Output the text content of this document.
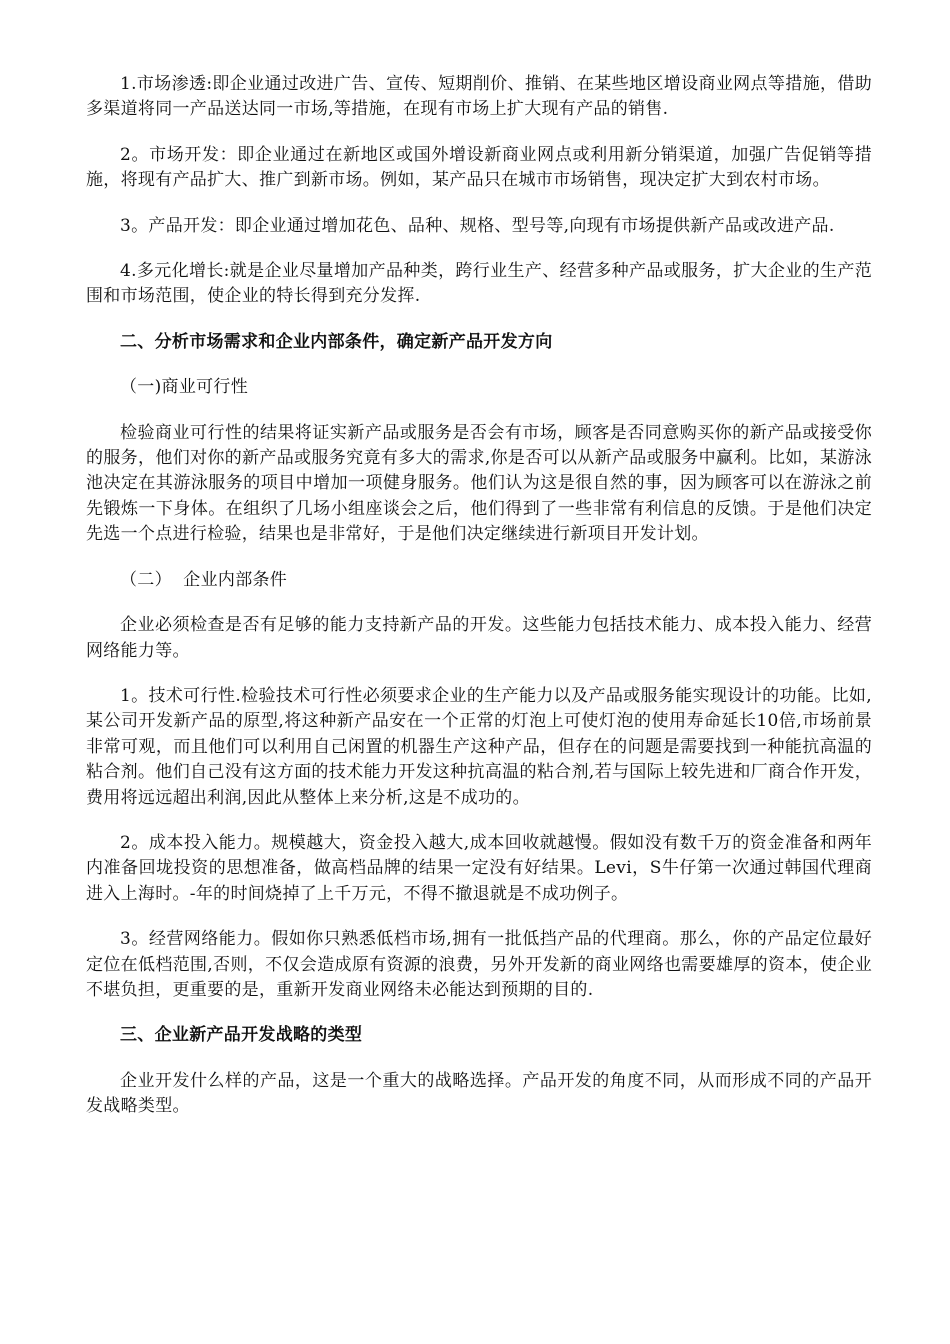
1.市场渗透:即企业通过改进广告、宣传、短期削价、推销、在某些地区增设商业网点等措施，借助多渠道将同一产品送达同一市场,等措施，在现有市场上扩大现有产品的销售.

2。市场开发：即企业通过在新地区或国外增设新商业网点或利用新分销渠道，加强广告促销等措施，将现有产品扩大、推广到新市场。例如，某产品只在城市市场销售，现决定扩大到农村市场。

3。产品开发：即企业通过增加花色、品种、规格、型号等,向现有市场提供新产品或改进产品.

4.多元化增长:就是企业尽量增加产品种类，跨行业生产、经营多种产品或服务，扩大企业的生产范围和市场范围，使企业的特长得到充分发挥.

二、分析市场需求和企业内部条件，确定新产品开发方向

（一)商业可行性

检验商业可行性的结果将证实新产品或服务是否会有市场，顾客是否同意购买你的新产品或接受你的服务，他们对你的新产品或服务究竟有多大的需求,你是否可以从新产品或服务中赢利。比如，某游泳池决定在其游泳服务的项目中增加一项健身服务。他们认为这是很自然的事，因为顾客可以在游泳之前先锻炼一下身体。在组织了几场小组座谈会之后，他们得到了一些非常有利信息的反馈。于是他们决定先选一个点进行检验，结果也是非常好，于是他们决定继续进行新项目开发计划。

（二）  企业内部条件

企业必须检查是否有足够的能力支持新产品的开发。这些能力包括技术能力、成本投入能力、经营网络能力等。

1。技术可行性.检验技术可行性必须要求企业的生产能力以及产品或服务能实现设计的功能。比如,某公司开发新产品的原型,将这种新产品安在一个正常的灯泡上可使灯泡的使用寿命延长10倍,市场前景非常可观，而且他们可以利用自己闲置的机器生产这种产品，但存在的问题是需要找到一种能抗高温的粘合剂。他们自己没有这方面的技术能力开发这种抗高温的粘合剂,若与国际上较先进和厂商合作开发，费用将远远超出利润,因此从整体上来分析,这是不成功的。

2。成本投入能力。规模越大，资金投入越大,成本回收就越慢。假如没有数千万的资金准备和两年内准备回垅投资的思想准备，做高档品牌的结果一定没有好结果。Levi，S牛仔第一次通过韩国代理商进入上海时。-年的时间烧掉了上千万元，不得不撤退就是不成功例子。

3。经营网络能力。假如你只熟悉低档市场,拥有一批低挡产品的代理商。那么，你的产品定位最好定位在低档范围,否则，不仅会造成原有资源的浪费，另外开发新的商业网络也需要雄厚的资本，使企业不堪负担，更重要的是，重新开发商业网络未必能达到预期的目的.

三、企业新产品开发战略的类型

企业开发什么样的产品，这是一个重大的战略选择。产品开发的角度不同，从而形成不同的产品开发战略类型。
